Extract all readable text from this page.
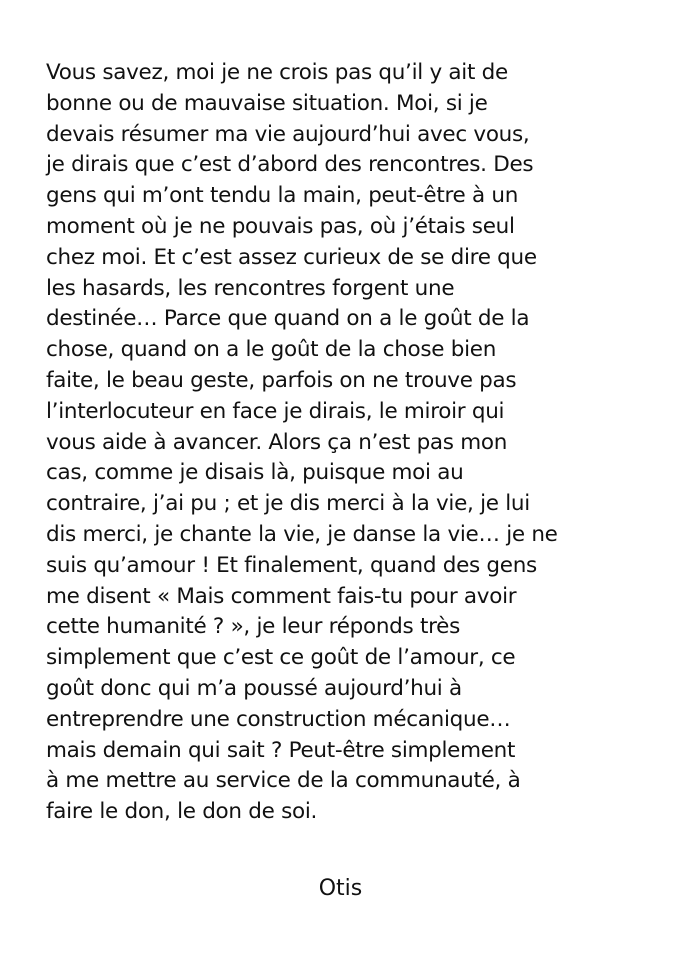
Vous savez, moi je ne crois pas qu’il y ait de
bonne ou de mauvaise situation. Moi, si je
devais résumer ma vie aujourd’hui avec vous,
je dirais que c’est d’abord des rencontres. Des
gens qui m’ont tendu la main, peut-être à un
moment où je ne pouvais pas, où j’étais seul
chez moi. Et c’est assez curieux de se dire que
les hasards, les rencontres forgent une
destinée… Parce que quand on a le goût de la
chose, quand on a le goût de la chose bien
faite, le beau geste, parfois on ne trouve pas
l’interlocuteur en face je dirais, le miroir qui
vous aide à avancer. Alors ça n’est pas mon
cas, comme je disais là, puisque moi au
contraire, j’ai pu ; et je dis merci à la vie, je lui
dis merci, je chante la vie, je danse la vie… je ne
suis qu’amour ! Et finalement, quand des gens
me disent « Mais comment fais-tu pour avoir
cette humanité ? », je leur réponds très
simplement que c’est ce goût de l’amour, ce
goût donc qui m’a poussé aujourd’hui à
entreprendre une construction mécanique…
mais demain qui sait ? Peut-être simplement
à me mettre au service de la communauté, à
faire le don, le don de soi.
Otis
